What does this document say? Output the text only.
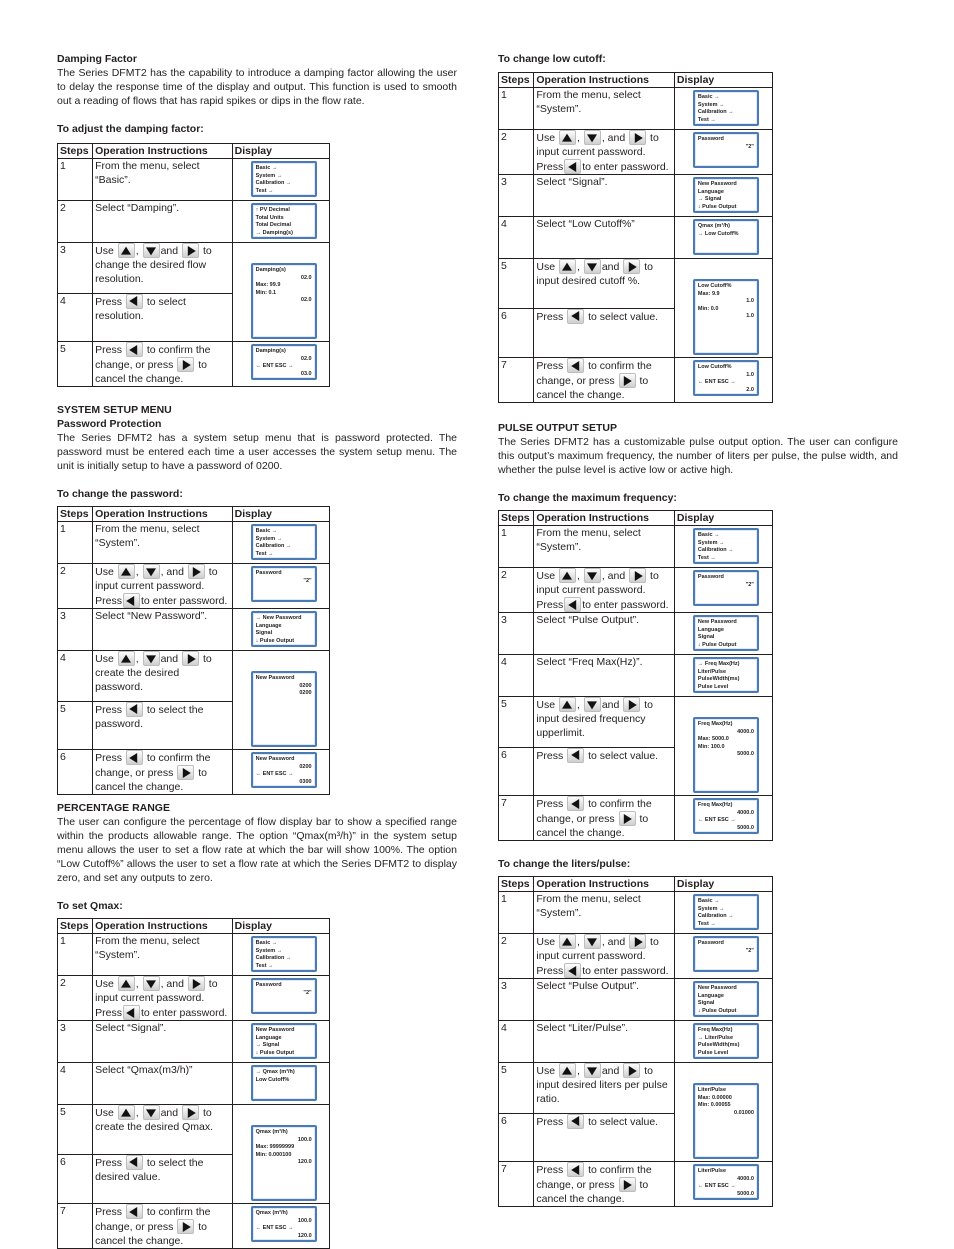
Damping Factor
The Series DFMT2 has the capability to introduce a damping factor allowing the user to delay the response time of the display and output. This function is used to smooth out a reading of flows that has rapid spikes or dips in the flow rate.
To adjust the damping factor:
Steps	Operation Instructions	Display
1	From the menu, select “Basic”.	Basic →
System →
Calibration →
Test →

2	Select “Damping”.	↑ PV Decimal
Total Units
Total Decimal
→ Damping(s)

3	Use , and to change the desired flow resolution.	Damping(s)
02.0
Max: 99.9
Min: 0.1
02.0

4	Press to select resolution.	
5	Press to confirm the change, or press to cancel the change.	Damping(s)
02.0
← ENT ESC →
03.0
SYSTEM SETUP MENU
Password Protection
The Series DFMT2 has a system setup menu that is password protected. The password must be entered each time a user accesses the system setup menu. The unit is initially setup to have a password of 0200.
To change the password:
Steps	Operation Instructions	Display
1	From the menu, select “System”.	Basic →
System →
Calibration →
Test →

2	Use , , and to input current password. Press to enter password.	Password
"2"

3	Select “New Password”.	→ New Password
Language
Signal
↓ Pulse Output

4	Use , and to create the desired password.	New Password
0200
0200

5	Press to select the password.	
6	Press to confirm the change, or press to cancel the change.	New Password
0200
← ENT ESC →
0300
PERCENTAGE RANGE
The user can configure the percentage of flow display bar to show a specified range within the products allowable range. The option “Qmax(m³/h)” in the system setup menu allows the user to set a flow rate at which the bar will show 100%. The option “Low Cutoff%” allows the user to set a flow rate at which the Series DFMT2 to display zero, and set any outputs to zero.
To set Qmax:
Steps	Operation Instructions	Display
1	From the menu, select “System”.	Basic →
System →
Calibration →
Test →

2	Use , , and to input current password. Press to enter password.	Password
"2"

3	Select “Signal”.	New Password
Language
→ Signal
↓ Pulse Output

4	Select “Qmax(m3/h)”	→ Qmax (m³/h)
Low Cutoff%

5	Use , and to create the desired Qmax.	Qmax (m³/h)
100.0
Max: 99999999
Min: 0.000100
120.0

6	Press to select the desired value.	
7	Press to confirm the change, or press to cancel the change.	Qmax (m³/h)
100.0
← ENT ESC →
120.0
To change low cutoff:
Steps	Operation Instructions	Display
1	From the menu, select “System”.	Basic →
System →
Calibration →
Test →

2	Use , , and to input current password. Press to enter password.	Password
"2"

3	Select “Signal”.	New Password
Language
→ Signal
↓ Pulse Output

4	Select “Low Cutoff%”	Qmax (m³/h)
→ Low Cutoff%

5	Use , and to input desired cutoff %.	Low Cutoff%
Max: 9.9
1.0
Min: 0.0
1.0

6	Press to select value.	
7	Press to confirm the change, or press to cancel the change.	Low Cutoff%
1.0
← ENT ESC →
2.0
PULSE OUTPUT SETUP
The Series DFMT2 has a customizable pulse output option. The user can configure this output’s maximum frequency, the number of liters per pulse, the pulse width, and whether the pulse level is active low or active high.
To change the maximum frequency:
Steps	Operation Instructions	Display
1	From the menu, select “System”.	Basic →
System →
Calibration →
Test →

2	Use , , and to input current password. Press to enter password.	Password
"2"

3	Select “Pulse Output”.	New Password
Language
Signal
↓ Pulse Output

4	Select “Freq Max(Hz)”.	→ Freq Max(Hz)
Liter/Pulse
PulseWidth(ms)
Pulse Level

5	Use , and to input desired frequency upperlimit.	Freq Max(Hz)
4000.0
Max: 5000.0
Min: 100.0
5000.0

6	Press to select value.	
7	Press to confirm the change, or press to cancel the change.	Freq Max(Hz)
4000.0
← ENT ESC →
5000.0
To change the liters/pulse:
Steps	Operation Instructions	Display
1	From the menu, select “System”.	Basic →
System →
Calibration →
Test →

2	Use , , and to input current password. Press to enter password.	Password
"2"

3	Select “Pulse Output”.	New Password
Language
Signal
↓ Pulse Output

4	Select “Liter/Pulse”.	Freq Max(Hz)
→ Liter/Pulse
PulseWidth(ms)
Pulse Level

5	Use , and to input desired liters per pulse ratio.	Liter/Pulse
Max: 0.00000
Min: 0.00055
0.01000

6	Press to select value.	
7	Press to confirm the change, or press to cancel the change.	Liter/Pulse
4000.0
← ENT ESC →
5000.0
